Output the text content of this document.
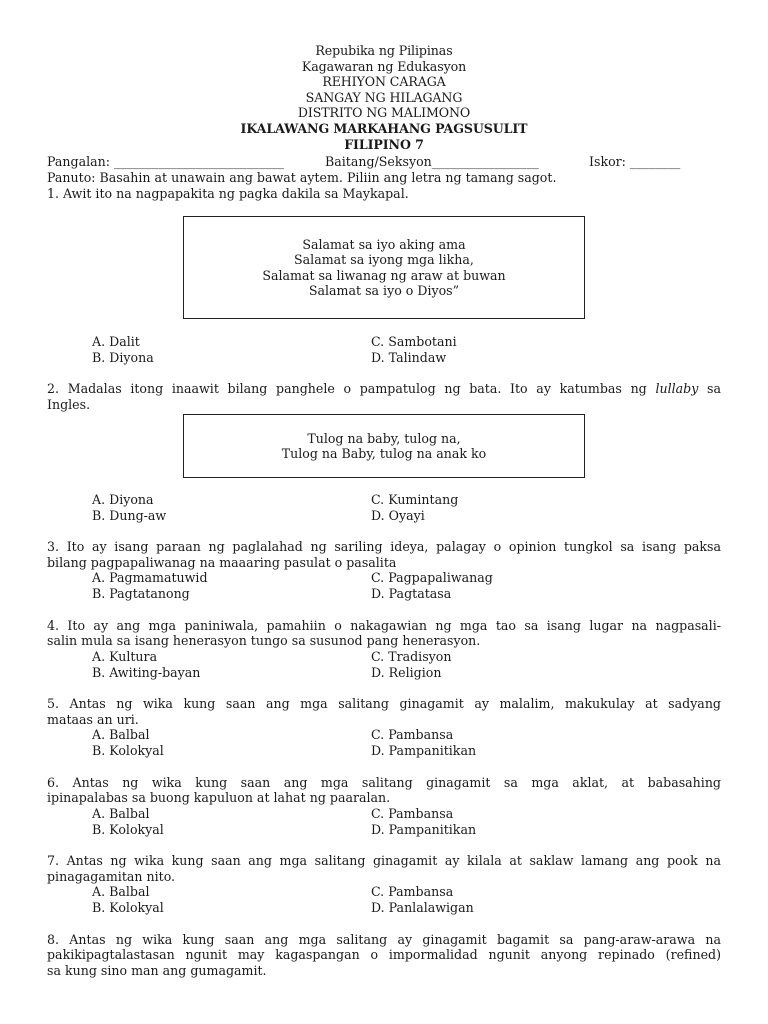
Repubika ng Pilipinas
Kagawaran ng Edukasyon
REHIYON CARAGA
SANGAY NG HILAGANG
DISTRITO NG MALIMONO
IKALAWANG MARKAHANG PAGSUSULIT
FILIPINO 7
Pangalan: ___________________________	Baitang/Seksyon_________________	Iskor: ________
Panuto: Basahin at unawain ang bawat aytem. Piliin ang letra ng tamang sagot.
1. Awit ito na nagpapakita ng pagka dakila sa Maykapal.
Salamat sa iyo aking ama
Salamat sa iyong mga likha,
Salamat sa liwanag ng araw at buwan
Salamat sa iyo o Diyos”
A. Dalit
B. Diyona
C. Sambotani
D. Talindaw
2. Madalas itong inaawit bilang panghele o pampatulog ng bata. Ito ay katumbas ng lullaby sa
Ingles.
Tulog na baby, tulog na,
Tulog na Baby, tulog na anak ko
A. Diyona
B. Dung-aw
C. Kumintang
D. Oyayi
3. Ito ay isang paraan ng paglalahad ng sariling ideya, palagay o opinion tungkol sa isang paksa
bilang pagpapaliwanag na maaaring pasulat o pasalita
A. Pagmamatuwid
B. Pagtatanong
C. Pagpapaliwanag
D. Pagtatasa
4. Ito ay ang mga paniniwala, pamahiin o nakagawian ng mga tao sa isang lugar na nagpasali-
salin mula sa isang henerasyon tungo sa susunod pang henerasyon.
A. Kultura
B. Awiting-bayan
C. Tradisyon
D. Religion
5. Antas ng wika kung saan ang mga salitang ginagamit ay malalim, makukulay at sadyang
mataas an uri.
A. Balbal
B. Kolokyal
C. Pambansa
D. Pampanitikan
6. Antas ng wika kung saan ang mga salitang ginagamit sa mga aklat, at babasahing
ipinapalabas sa buong kapuluon at lahat ng paaralan.
A. Balbal
B. Kolokyal
C. Pambansa
D. Pampanitikan
7. Antas ng wika kung saan ang mga salitang ginagamit ay kilala at saklaw lamang ang pook na
pinagagamitan nito.
A. Balbal
B. Kolokyal
C. Pambansa
D. Panlalawigan
8. Antas ng wika kung saan ang mga salitang ay ginagamit bagamit sa pang-araw-arawa na
pakikipagtalastasan ngunit may kagaspangan o impormalidad ngunit anyong repinado (refined)
sa kung sino man ang gumagamit.
